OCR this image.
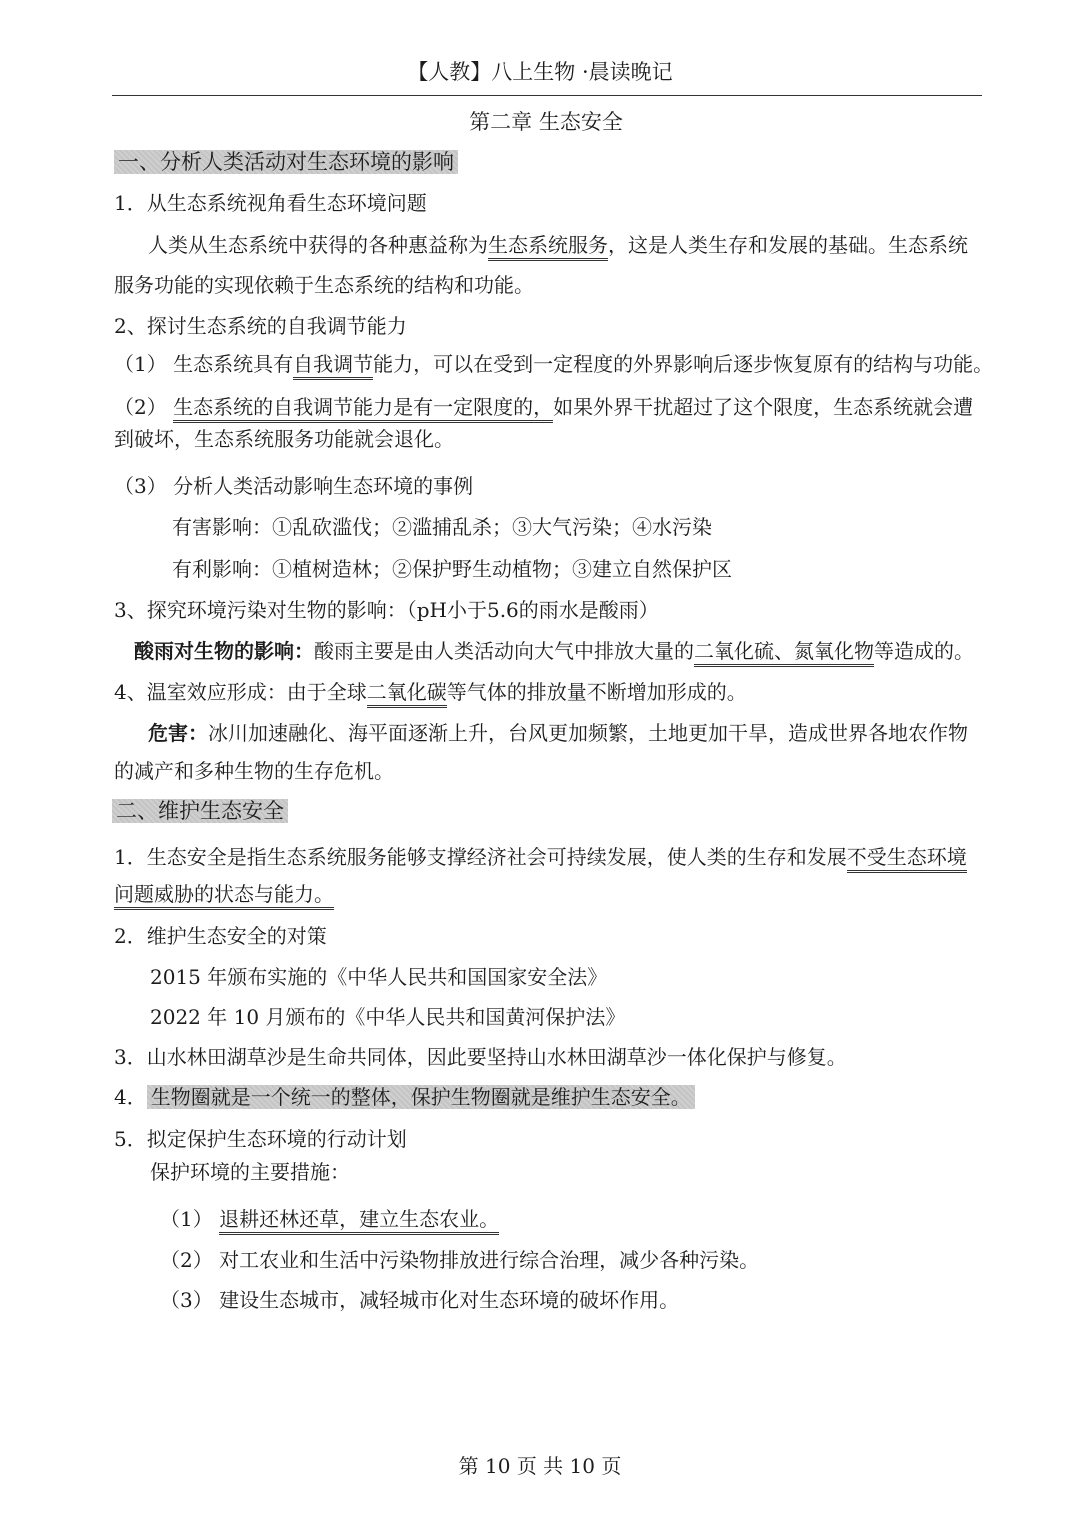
【人教】八上生物 ·晨读晚记
第二章 生态安全
一、分析人类活动对生态环境的影响
1．从生态系统视角看生态环境问题
人类从生态系统中获得的各种惠益称为生态系统服务，这是人类生存和发展的基础。生态系统
服务功能的实现依赖于生态系统的结构和功能。
2、探讨生态系统的自我调节能力
（1） 生态系统具有自我调节能力，可以在受到一定程度的外界影响后逐步恢复原有的结构与功能。
（2） 生态系统的自我调节能力是有一定限度的，如果外界干扰超过了这个限度，生态系统就会遭
到破坏，生态系统服务功能就会退化。
（3） 分析人类活动影响生态环境的事例
有害影响：①乱砍滥伐；②滥捕乱杀；③大气污染；④水污染
有利影响：①植树造林；②保护野生动植物；③建立自然保护区
3、探究环境污染对生物的影响：（pH小于5.6的雨水是酸雨）
酸雨对生物的影响：酸雨主要是由人类活动向大气中排放大量的二氧化硫、氮氧化物等造成的。
4、温室效应形成：由于全球二氧化碳等气体的排放量不断增加形成的。
危害：冰川加速融化、海平面逐渐上升，台风更加频繁，土地更加干旱，造成世界各地农作物
的减产和多种生物的生存危机。
二、维护生态安全
1．生态安全是指生态系统服务能够支撑经济社会可持续发展，使人类的生存和发展不受生态环境
问题威胁的状态与能力。
2．维护生态安全的对策
2015 年颁布实施的《中华人民共和国国家安全法》
2022 年 10 月颁布的《中华人民共和国黄河保护法》
3．山水林田湖草沙是生命共同体，因此要坚持山水林田湖草沙一体化保护与修复。
4． 生物圈就是一个统一的整体，保护生物圈就是维护生态安全。
5．拟定保护生态环境的行动计划
保护环境的主要措施：
（1） 退耕还林还草，建立生态农业。
（2） 对工农业和生活中污染物排放进行综合治理，减少各种污染。
（3） 建设生态城市，减轻城市化对生态环境的破坏作用。
第 10 页 共 10 页
